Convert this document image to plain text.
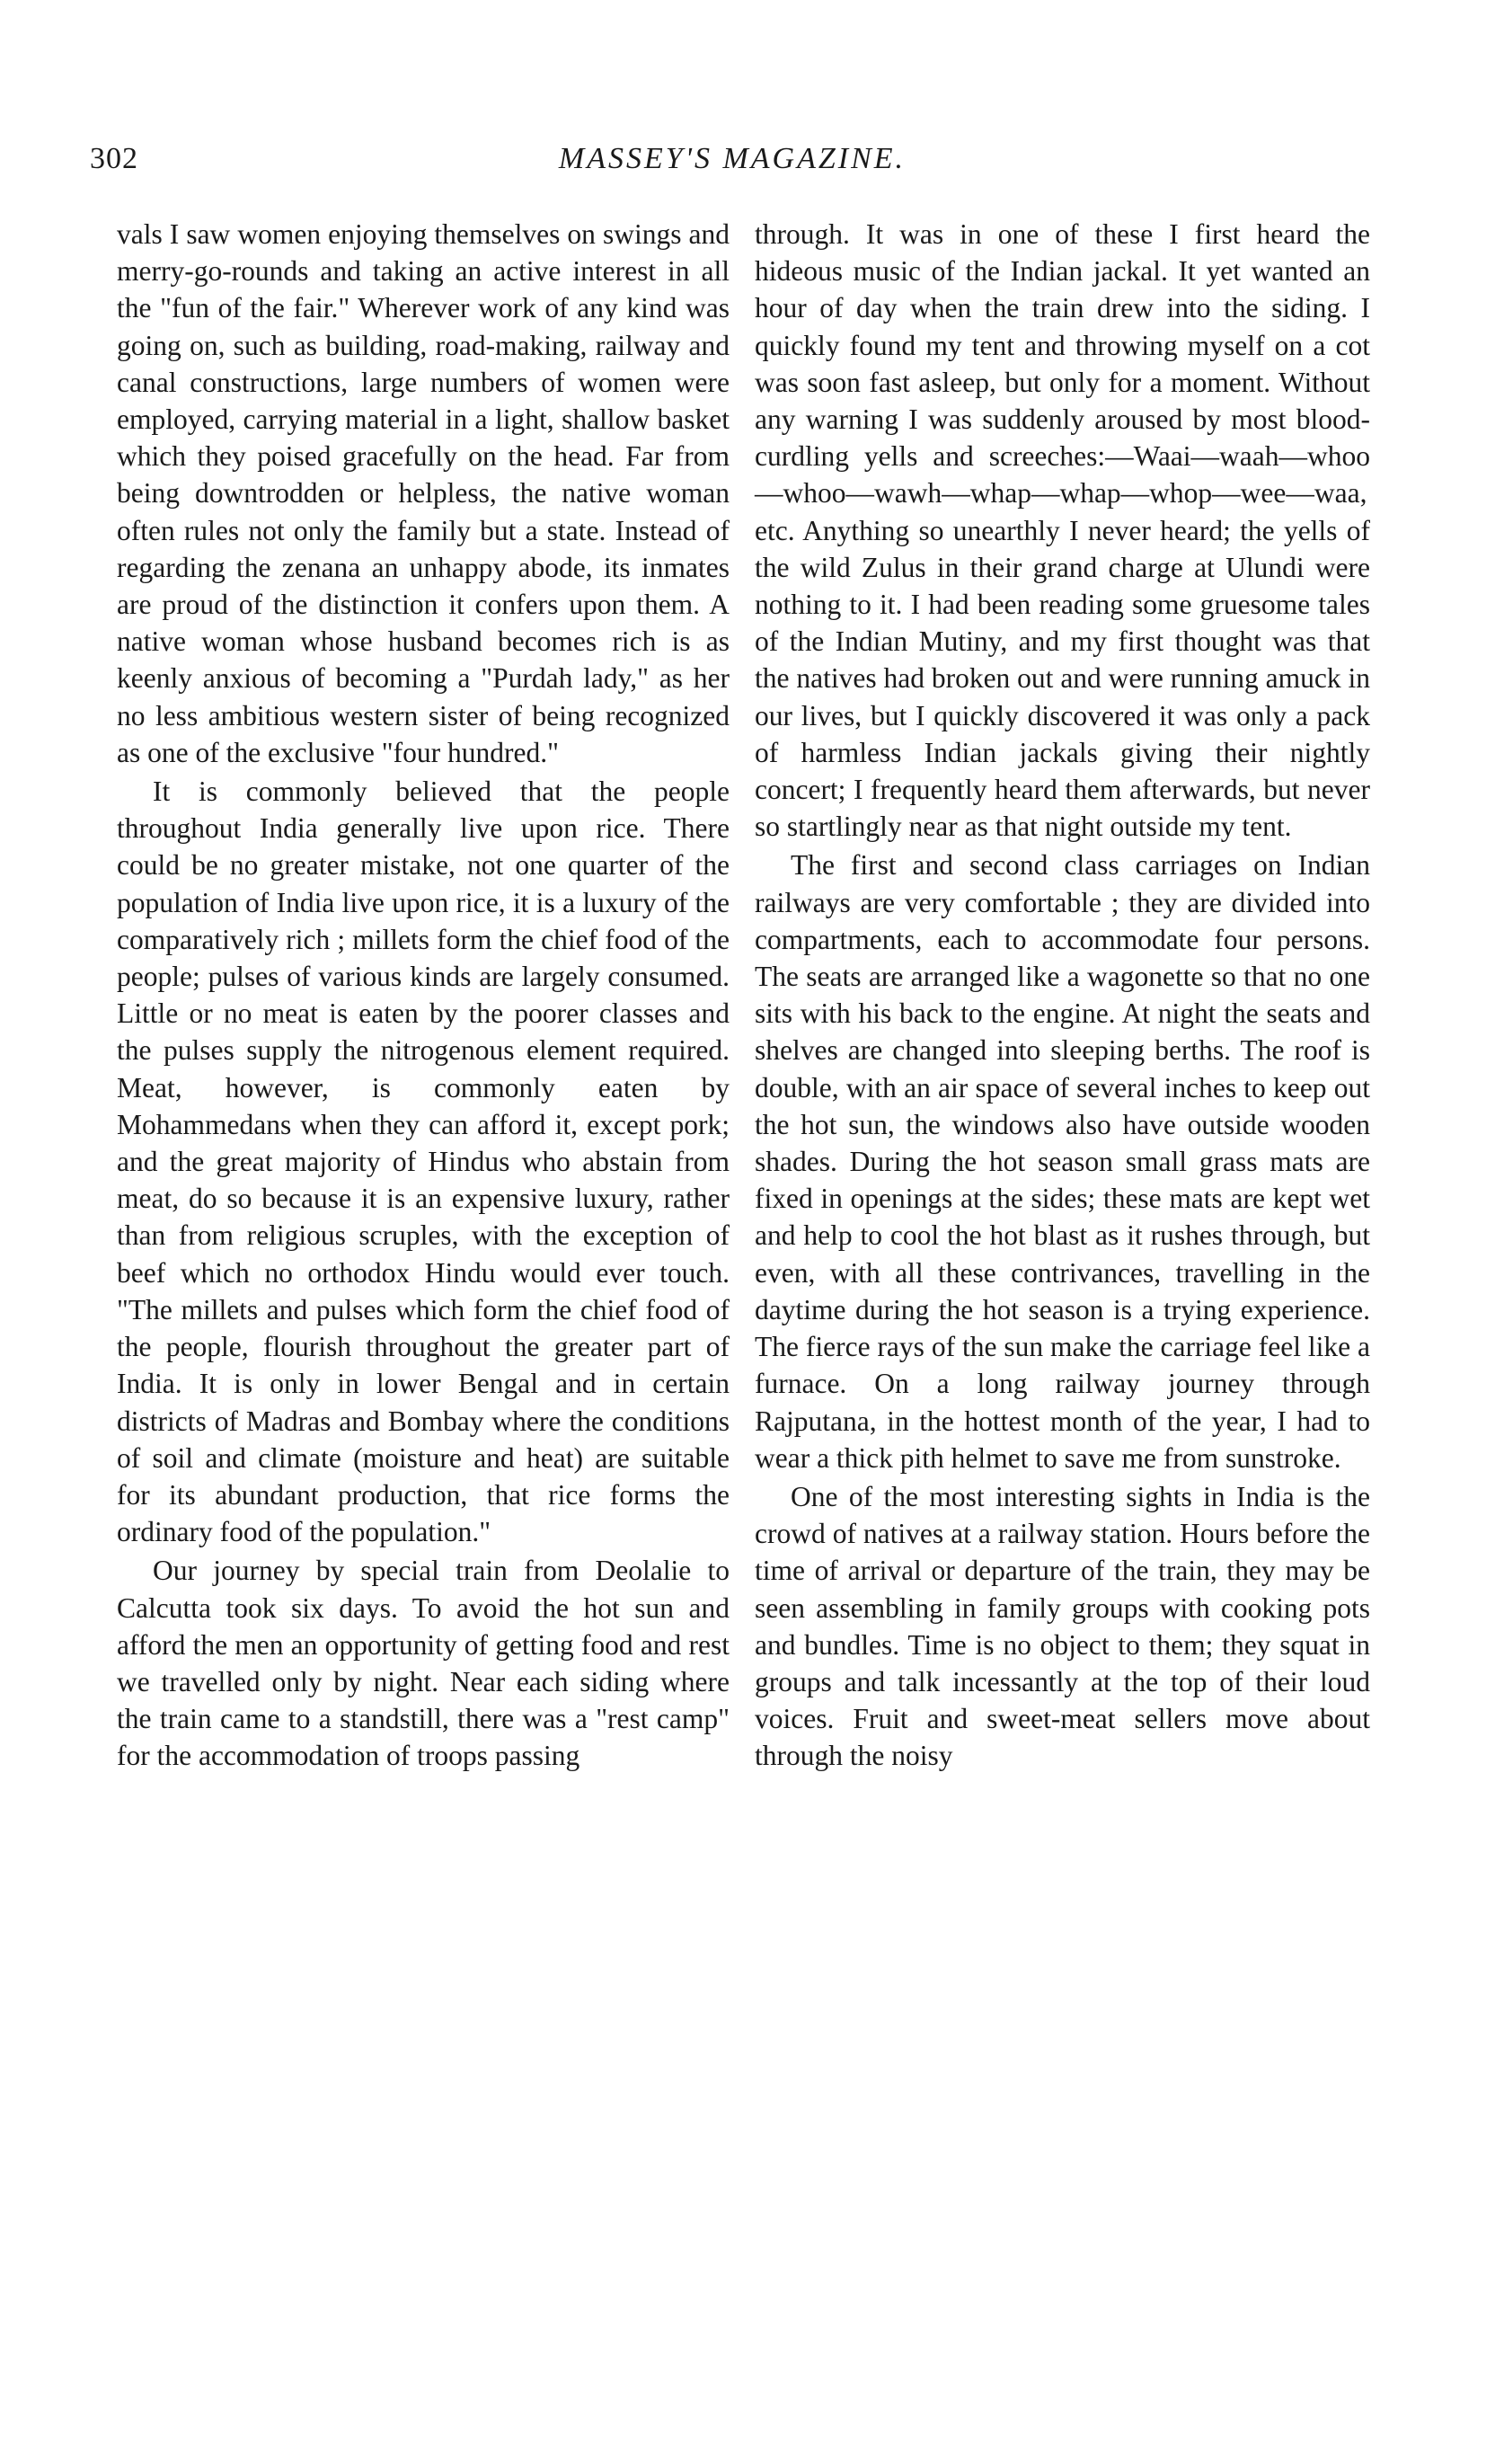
302	MASSEY'S MAGAZINE.

vals I saw women enjoying themselves on swings and merry-go-rounds and taking an active interest in all the "fun of the fair." Wherever work of any kind was going on, such as building, road-making, railway and canal constructions, large numbers of women were employed, carrying material in a light, shallow basket which they poised gracefully on the head. Far from being downtrodden or helpless, the native woman often rules not only the family but a state. Instead of regarding the zenana an unhappy abode, its inmates are proud of the distinction it confers upon them. A native woman whose husband becomes rich is as keenly anxious of becoming a "Purdah lady," as her no less ambitious western sister of being recognized as one of the exclusive "four hundred."

It is commonly believed that the people throughout India generally live upon rice. There could be no greater mistake, not one quarter of the population of India live upon rice, it is a luxury of the comparatively rich ; millets form the chief food of the people; pulses of various kinds are largely consumed. Little or no meat is eaten by the poorer classes and the pulses supply the nitrogenous element required. Meat, however, is commonly eaten by Mohammedans when they can afford it, except pork; and the great majority of Hindus who abstain from meat, do so because it is an expensive luxury, rather than from religious scruples, with the exception of beef which no orthodox Hindu would ever touch. "The millets and pulses which form the chief food of the people, flourish throughout the greater part of India. It is only in lower Bengal and in certain districts of Madras and Bombay where the conditions of soil and climate (moisture and heat) are suitable for its abundant production, that rice forms the ordinary food of the population."

Our journey by special train from Deolalie to Calcutta took six days. To avoid the hot sun and afford the men an opportunity of getting food and rest we travelled only by night. Near each siding where the train came to a standstill, there was a "rest camp" for the accommodation of troops passing

through. It was in one of these I first heard the hideous music of the Indian jackal. It yet wanted an hour of day when the train drew into the siding. I quickly found my tent and throwing myself on a cot was soon fast asleep, but only for a moment. Without any warning I was suddenly aroused by most blood-curdling yells and screeches:—Waai—waah—whoo—whoo—wawh—whap—whap—whop—wee—waa, etc. Anything so unearthly I never heard; the yells of the wild Zulus in their grand charge at Ulundi were nothing to it. I had been reading some gruesome tales of the Indian Mutiny, and my first thought was that the natives had broken out and were running amuck in our lives, but I quickly discovered it was only a pack of harmless Indian jackals giving their nightly concert; I frequently heard them afterwards, but never so startlingly near as that night outside my tent.

The first and second class carriages on Indian railways are very comfortable ; they are divided into compartments, each to accommodate four persons. The seats are arranged like a wagonette so that no one sits with his back to the engine. At night the seats and shelves are changed into sleeping berths. The roof is double, with an air space of several inches to keep out the hot sun, the windows also have outside wooden shades. During the hot season small grass mats are fixed in openings at the sides; these mats are kept wet and help to cool the hot blast as it rushes through, but even, with all these contrivances, travelling in the daytime during the hot season is a trying experience. The fierce rays of the sun make the carriage feel like a furnace. On a long railway journey through Rajputana, in the hottest month of the year, I had to wear a thick pith helmet to save me from sunstroke.

One of the most interesting sights in India is the crowd of natives at a railway station. Hours before the time of arrival or departure of the train, they may be seen assembling in family groups with cooking pots and bundles. Time is no object to them; they squat in groups and talk incessantly at the top of their loud voices. Fruit and sweet-meat sellers move about through the noisy
